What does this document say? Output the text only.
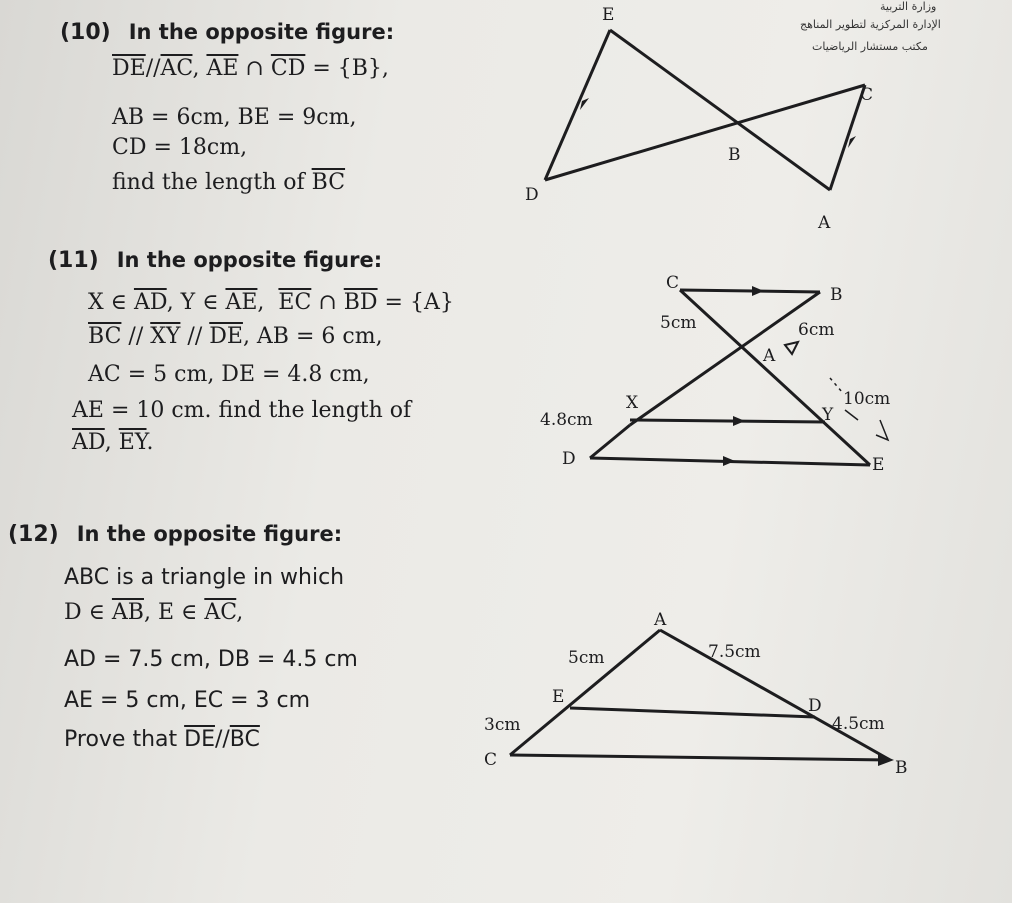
وزارة التربية
الإدارة المركزية لتطوير المناهج
مكتب مستشار الرياضيات
(10) In the opposite figure:
$\overline{DE}//\overline{AC}$, $\overline{AE}$ ∩ $\overline{CD} = \{B\}$,
AB = 6cm, BE = 9cm,
CD = 18cm,
find the length of $\overline{BC}$
E
C
B
D
A
(11) In the opposite figure:
X ∈ $\overline{AD}$, Y ∈ $\overline{AE}$, $\overline{EC}$ ∩ $\overline{BD} = \{A\}$
$\overline{BC} // \overline{XY} // \overline{DE}$, AB = 6 cm,
AC = 5 cm, DE = 4.8 cm,
AE = 10 cm. find the length of
$\overline{AD}$, $\overline{EY}$.
C
B
A
X
Y
D	E
5cm	6cm
10cm
4.8cm
(12) In the opposite figure:
ABC is a triangle in which
D ∈ $\overline{AB}$, E ∈ $\overline{AC}$,
AD = 7.5 cm, DB = 4.5 cm
AE = 5 cm, EC = 3 cm
Prove that $\overline{DE}//\overline{BC}$
A
E	D
C	B
5cm	7.5cm
3cm	4.5cm
